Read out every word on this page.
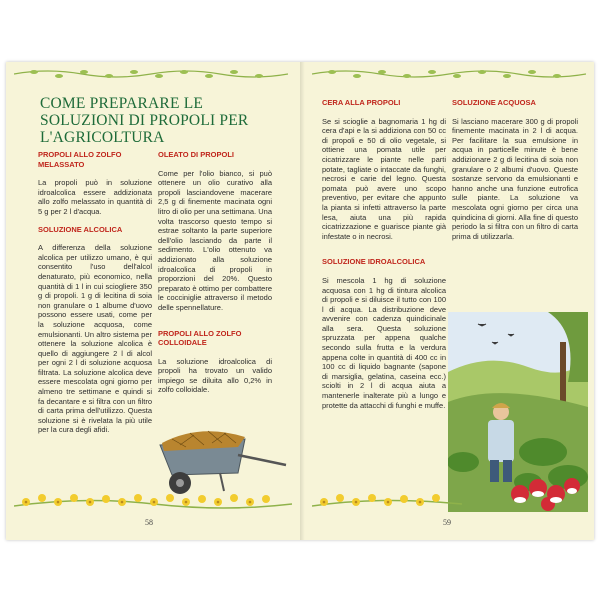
COME PREPARARE LE SOLUZIONI DI PROPOLI PER L'AGRICOLTURA
PROPOLI ALLO ZOLFO MELASSATO

La propoli può in soluzione idroalcolica essere addizionata allo zolfo melassato in quantità di 5 g per 2 l d'acqua.

SOLUZIONE ALCOLICA

A differenza della soluzione alcolica per utilizzo umano, è qui consentito l'uso dell'alcol denaturato, più economico, nella quantità di 1 l in cui sciogliere 350 g di propoli. 1 g di lecitina di soia non granulare o 1 albume d'uovo possono essere usati, come per la soluzione acquosa, come emulsionanti. Un altro sistema per ottenere la soluzione alcolica è quello di aggiungere 2 l di alcol per ogni 2 l di soluzione acquosa filtrata. La soluzione alcolica deve essere mescolata ogni giorno per almeno tre settimane e quindi si fa decantare e si filtra con un filtro di carta prima dell'utilizzo. Questa soluzione si è rivelata la più utile per la cura degli afidi.

OLEATO DI PROPOLI

Come per l'olio bianco, si può ottenere un olio curativo alla propoli lasciandovene macerare 2,5 g di finemente macinata ogni litro di olio per una settimana. Una volta trascorso questo tempo si estrae soltanto la parte superiore dell'olio lasciando da parte il sedimento. L'olio ottenuto va addizionato alla soluzione idroalcolica di propoli in proporzioni del 20%. Questo preparato è ottimo per combattere le cocciniglie attraverso il metodo delle spennellature.

PROPOLI ALLO ZOLFO COLLOIDALE

La soluzione idroalcolica di propoli ha trovato un valido impiego se diluita allo 0,2% in zolfo colloidale.

58
CERA ALLA PROPOLI

Se si scioglie a bagnomaria 1 hg di cera d'api e la si addiziona con 50 cc di propoli e 50 di olio vegetale, si ottiene una pomata utile per cicatrizzare le piante nelle parti potate, tagliate o intaccate da funghi, necrosi e carie del legno. Questa pomata può avere uno scopo preventivo, per evitare che appunto la pianta si infetti attraverso la parte lesa, aiuta una più rapida cicatrizzazione e guarisce piante già infestate o in necrosi.

SOLUZIONE IDROALCOLICA

Si mescola 1 hg di soluzione acquosa con 1 hg di tintura alcolica di propoli e si diluisce il tutto con 100 l di acqua. La distribuzione deve avvenire con cadenza quindicinale alla sera. Questa soluzione spruzzata per appena qualche secondo sulla frutta e la verdura appena colte in quantità di 400 cc in 100 cc di liquido bagnante (sapone di marsiglia, gelatina, caseina ecc.) sciolti in 2 l di acqua aiuta a mantenerle inalterate più a lungo e protette da attacchi di funghi e muffe.

SOLUZIONE ACQUOSA

Si lasciano macerare 300 g di propoli finemente macinata in 2 l di acqua. Per facilitare la sua emulsione in acqua in particelle minute è bene addizionare 2 g di lecitina di soia non granulare o 2 albumi d'uovo. Queste sostanze servono da emulsionanti e hanno anche una funzione eutrofica sulle piante. La soluzione va mescolata ogni giorno per circa una quindicina di giorni. Alla fine di questo periodo la si filtra con un filtro di carta prima di utilizzarla.

59
